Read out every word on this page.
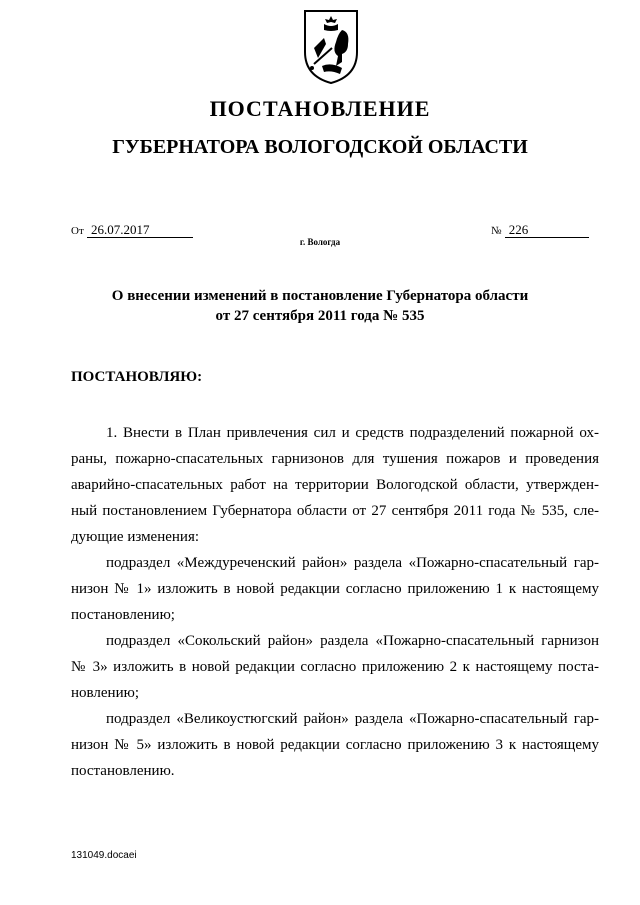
ПОСТАНОВЛЕНИЕ
ГУБЕРНАТОРА ВОЛОГОДСКОЙ ОБЛАСТИ
От 26.07.2017	№ 226
г. Вологда
О внесении изменений в постановление Губернатора области
от 27 сентября 2011 года № 535
ПОСТАНОВЛЯЮ:
1. Внести в План привлечения сил и средств подразделений пожарной ох-
раны, пожарно-спасательных гарнизонов для тушения пожаров и проведения
аварийно-спасательных работ на территории Вологодской области, утвержден-
ный постановлением Губернатора области от 27 сентября 2011 года № 535, сле-
дующие изменения:
подраздел «Междуреченский район» раздела «Пожарно-спасательный гар-
низон № 1» изложить в новой редакции согласно приложению 1 к настоящему
постановлению;
подраздел «Сокольский район» раздела «Пожарно-спасательный гарнизон
№ 3» изложить в новой редакции согласно приложению 2 к настоящему поста-
новлению;
подраздел «Великоустюгский район» раздела «Пожарно-спасательный гар-
низон № 5» изложить в новой редакции согласно приложению 3 к настоящему
постановлению.
131049.docaei
